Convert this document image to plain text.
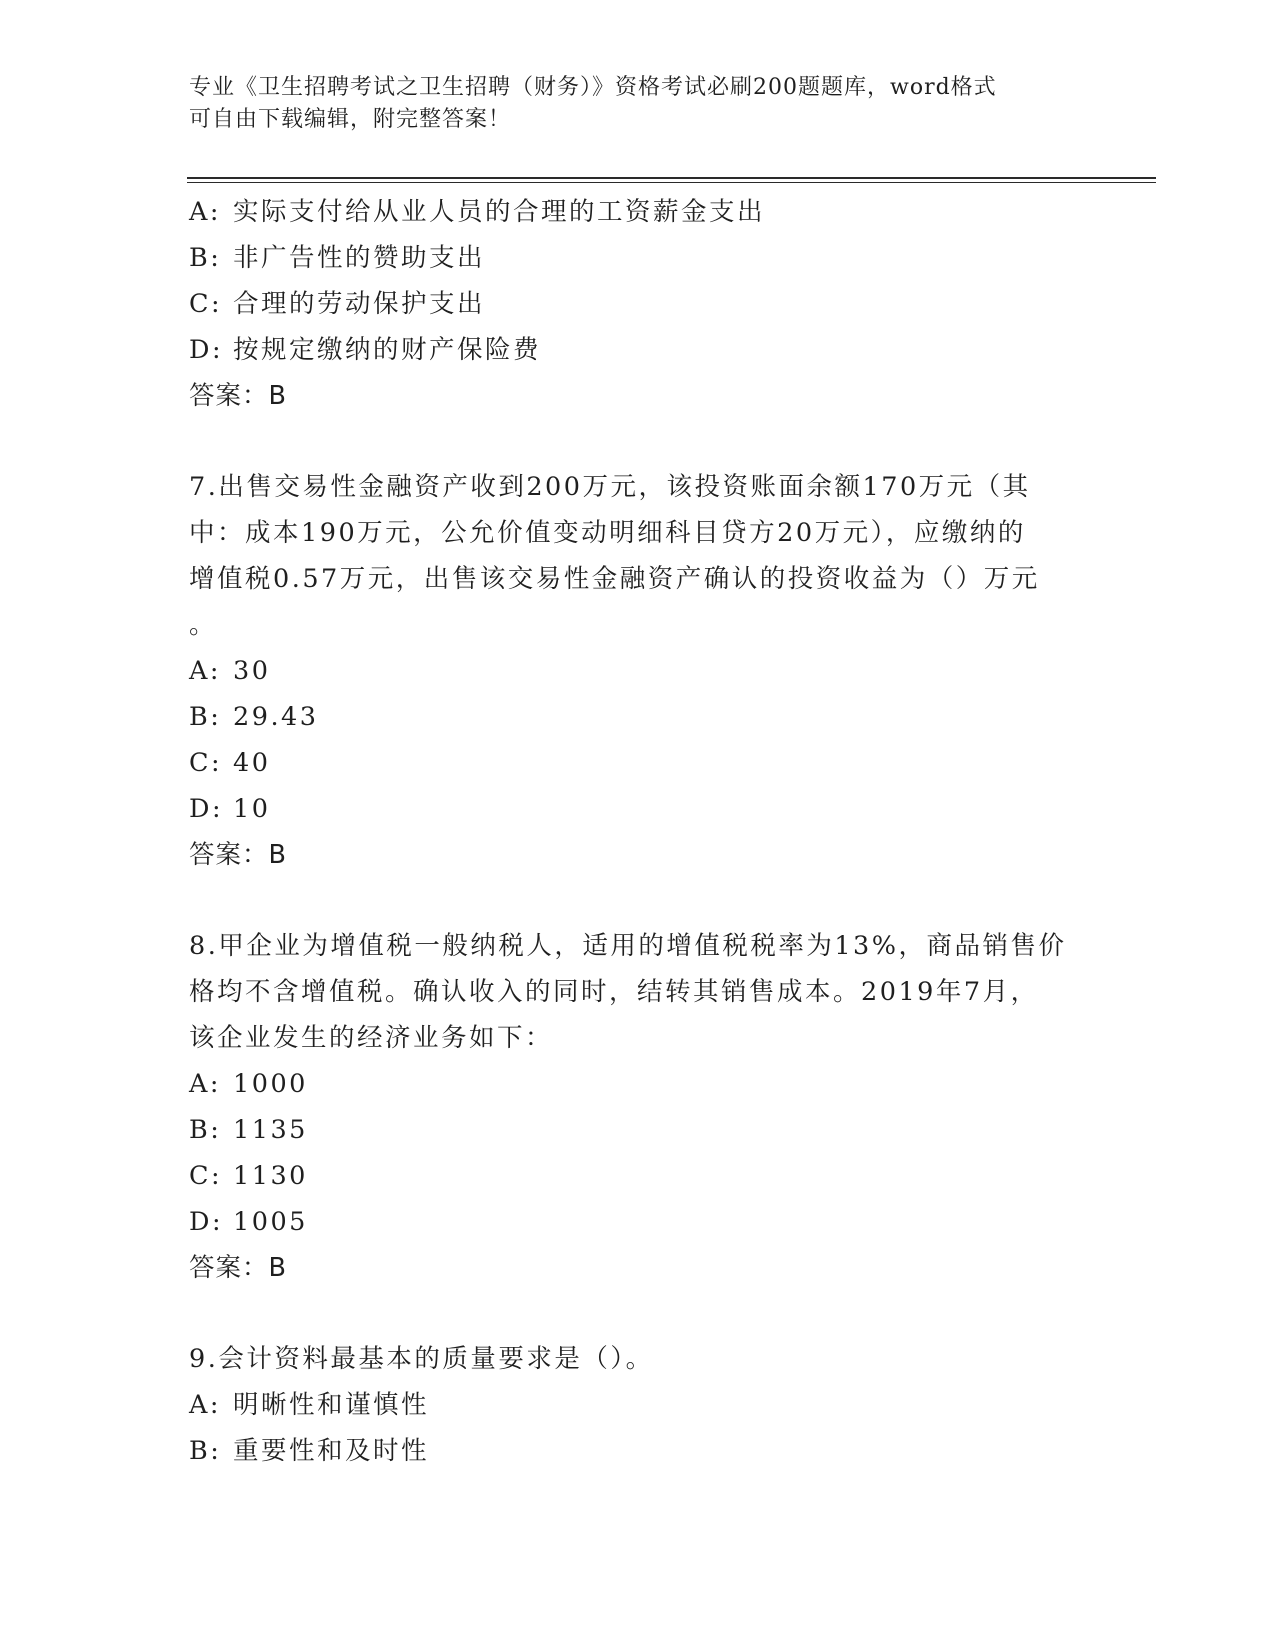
专业《卫生招聘考试之卫生招聘（财务）》资格考试必刷200题题库，word格式
可自由下载编辑，附完整答案！
A: 实际支付给从业人员的合理的工资薪金支出
B: 非广告性的赞助支出
C: 合理的劳动保护支出
D: 按规定缴纳的财产保险费
答案：B
7.出售交易性金融资产收到200万元，该投资账面余额170万元（其
中：成本190万元，公允价值变动明细科目贷方20万元），应缴纳的
增值税0.57万元，出售该交易性金融资产确认的投资收益为（）万元
。
A: 30
B: 29.43
C: 40
D: 10
答案：B
8.甲企业为增值税一般纳税人，适用的增值税税率为13%，商品销售价
格均不含增值税。确认收入的同时，结转其销售成本。2019年7月，
该企业发生的经济业务如下：
A: 1000
B: 1135
C: 1130
D: 1005
答案：B
9.会计资料最基本的质量要求是（）。
A: 明晰性和谨慎性
B: 重要性和及时性
